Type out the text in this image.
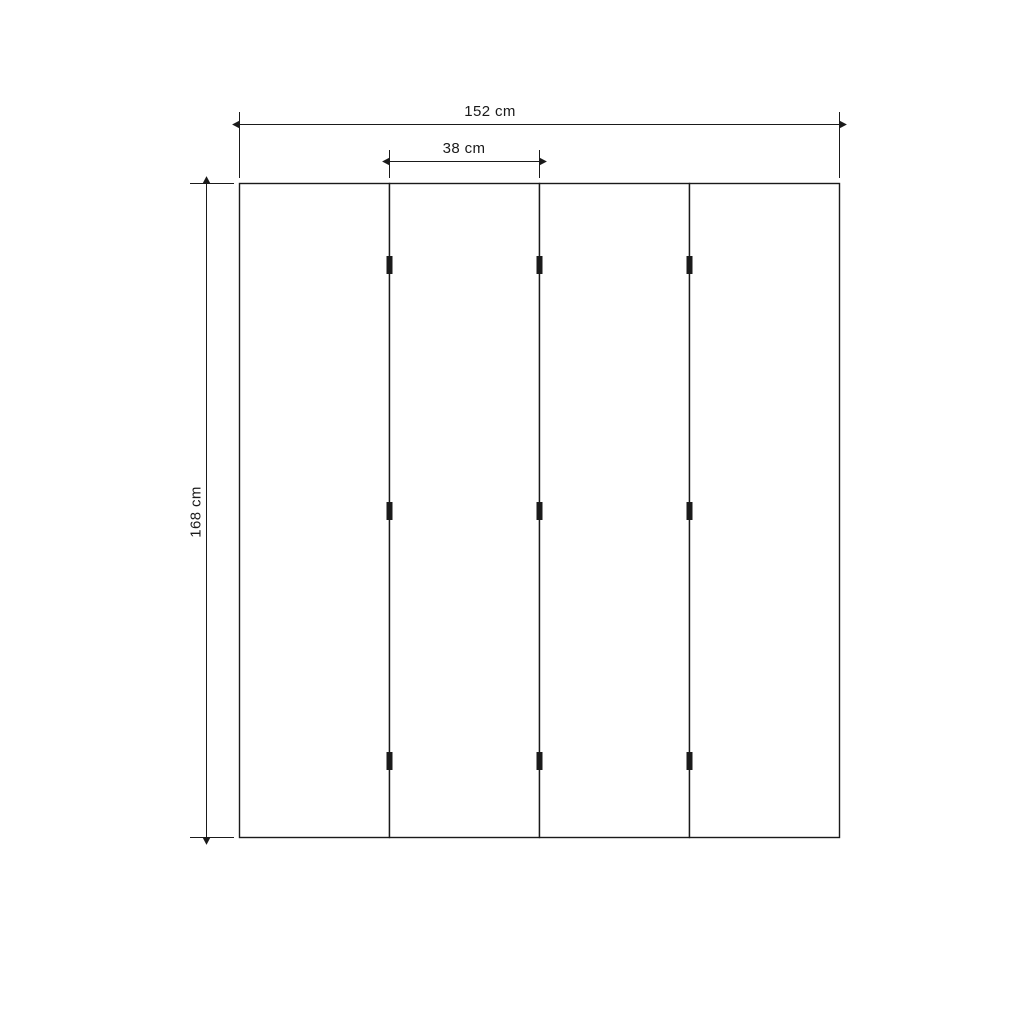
152 cm
38 cm
168 cm
